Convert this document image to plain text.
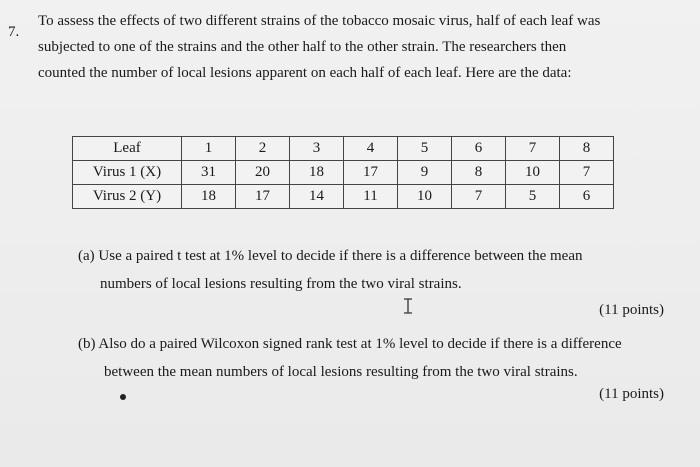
7.
To assess the effects of two different strains of the tobacco mosaic virus, half of each leaf was
subjected to one of the strains and the other half to the other strain. The researchers then
counted the number of local lesions apparent on each half of each leaf. Here are the data:
Leaf	1	2	3	4	5	6	7	8
Virus 1 (X)	31	20	18	17	9	8	10	7
Virus 2 (Y)	18	17	14	11	10	7	5	6
(a) Use a paired t test at 1% level to decide if there is a difference between the mean
numbers of local lesions resulting from the two viral strains.
(11 points)
(b) Also do a paired Wilcoxon signed rank test at 1% level to decide if there is a difference
between the mean numbers of local lesions resulting from the two viral strains.
(11 points)
